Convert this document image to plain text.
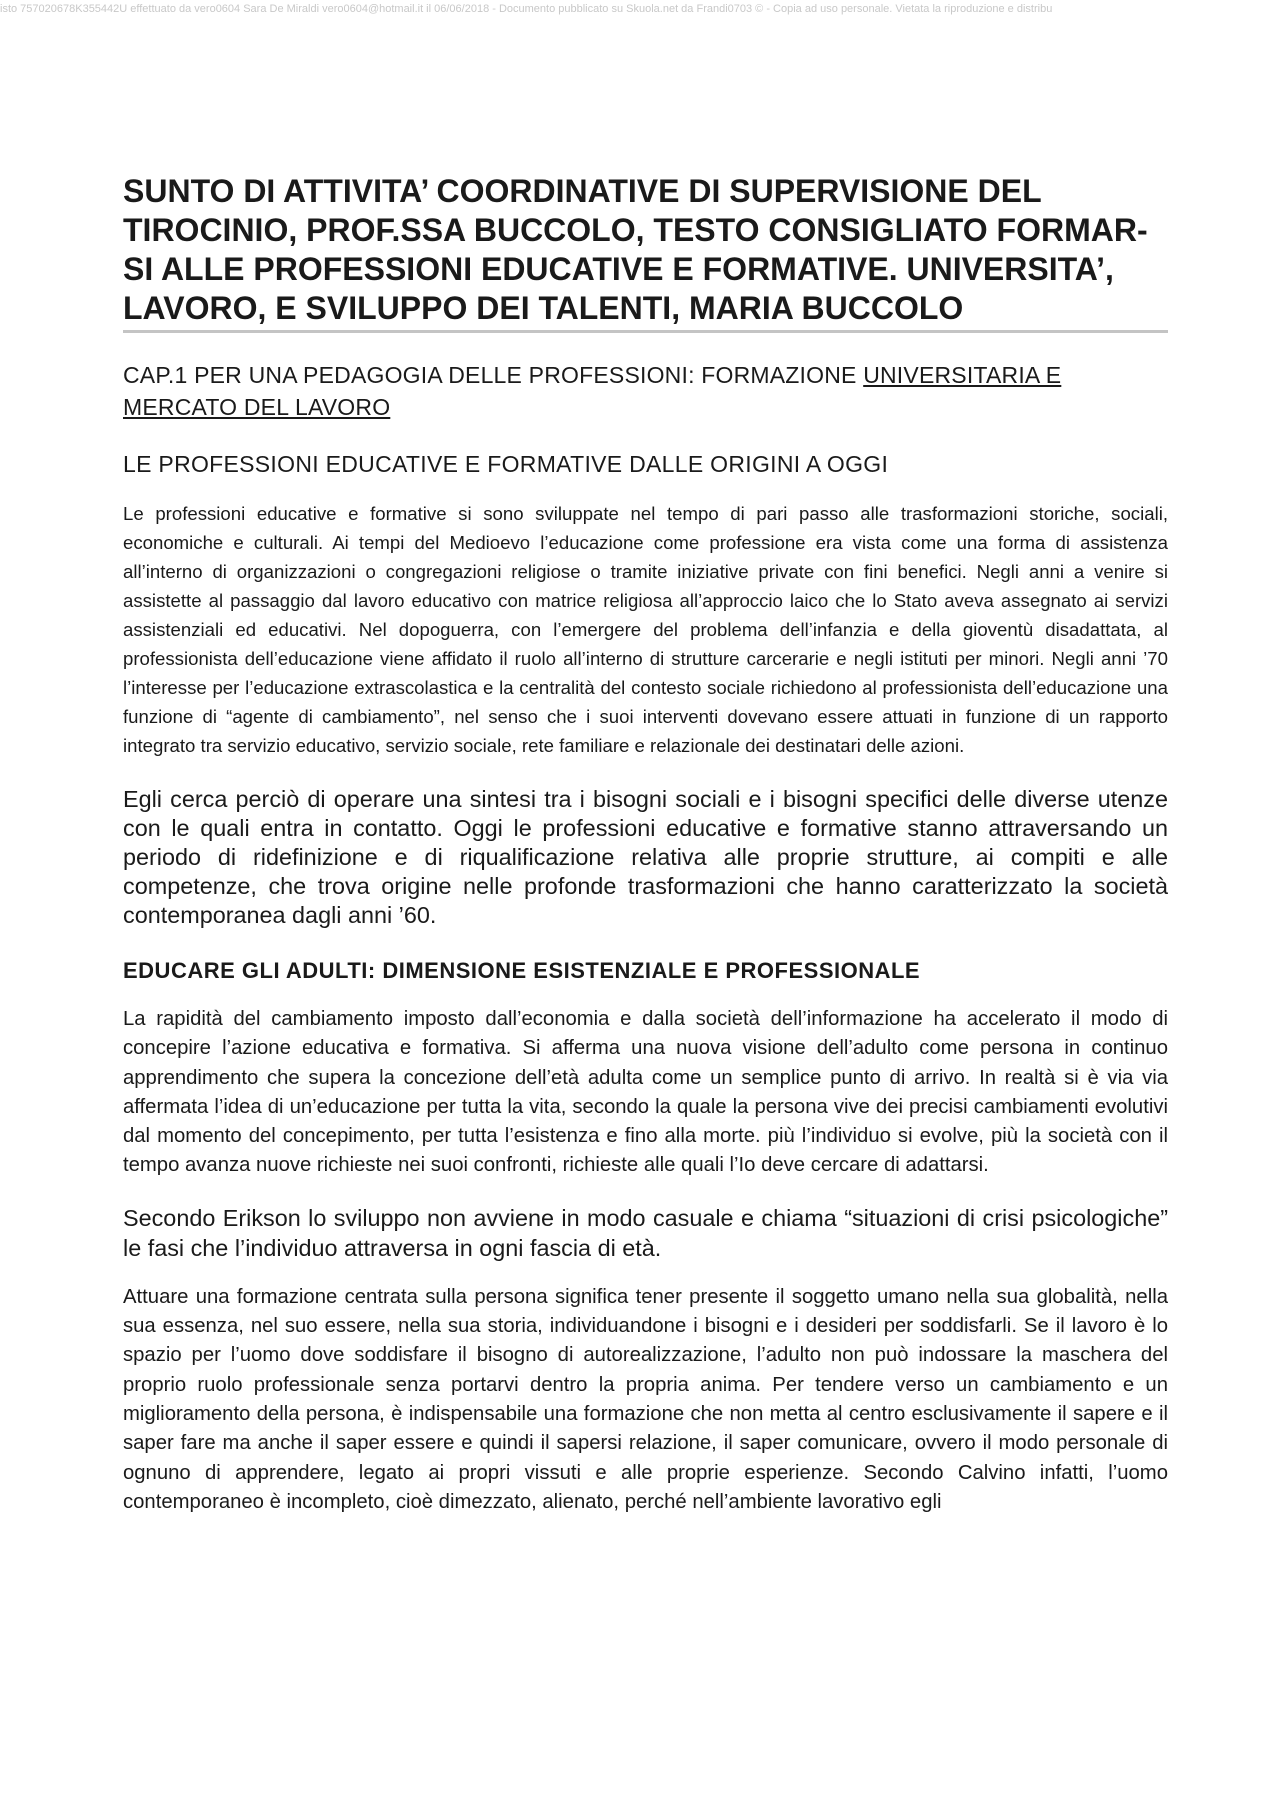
isto 757020678K355442U effettuato da vero0604 Sara De Miraldi vero0604@hotmail.it il 06/06/2018 - Documento pubblicato su Skuola.net da Frandi0703 © - Copia ad uso personale. Vietata la riproduzione e distribu
SUNTO DI ATTIVITA’ COORDINATIVE DI SUPERVISIONE DEL TIROCINIO, PROF.SSA BUCCOLO, TESTO CONSIGLIATO FORMAR-SI ALLE PROFESSIONI EDUCATIVE E FORMATIVE. UNIVERSITA’, LAVORO, E SVILUPPO DEI TALENTI, MARIA BUCCOLO
CAP.1 PER UNA PEDAGOGIA DELLE PROFESSIONI: FORMAZIONE UNIVERSITARIA E MERCATO DEL LAVORO
LE PROFESSIONI EDUCATIVE E FORMATIVE DALLE ORIGINI A OGGI

Le professioni educative e formative si sono sviluppate nel tempo di pari passo alle trasformazioni storiche, sociali, economiche e culturali. Ai tempi del Medioevo l’educazione come professione era vista come una forma di assistenza all’interno di organizzazioni o congregazioni religiose o tramite iniziative private con fini benefici. Negli anni a venire si assistette al passaggio dal lavoro educativo con matrice religiosa all’approccio laico che lo Stato aveva assegnato ai servizi assistenziali ed educativi. Nel dopoguerra, con l’emergere del problema dell’infanzia e della gioventù disadattata, al professionista dell’educazione viene affidato il ruolo all’interno di strutture carcerarie e negli istituti per minori. Negli anni ’70 l’interesse per l’educazione extrascolastica e la centralità del contesto sociale richiedono al professionista dell’educazione una funzione di “agente di cambiamento”, nel senso che i suoi interventi dovevano essere attuati in funzione di un rapporto integrato tra servizio educativo, servizio sociale, rete familiare e relazionale dei destinatari delle azioni.

Egli cerca perciò di operare una sintesi tra i bisogni sociali e i bisogni specifici delle diverse utenze con le quali entra in contatto. Oggi le professioni educative e formative stanno attraversando un periodo di ridefinizione e di riqualificazione relativa alle proprie strutture, ai compiti e alle competenze, che trova origine nelle profonde trasformazioni che hanno caratterizzato la società contemporanea dagli anni ’60.

EDUCARE GLI ADULTI: DIMENSIONE ESISTENZIALE E PROFESSIONALE

La rapidità del cambiamento imposto dall’economia e dalla società dell’informazione ha accelerato il modo di concepire l’azione educativa e formativa. Si afferma una nuova visione dell’adulto come persona in continuo apprendimento che supera la concezione dell’età adulta come un semplice punto di arrivo. In realtà si è via via affermata l’idea di un’educazione per tutta la vita, secondo la quale la persona vive dei precisi cambiamenti evolutivi dal momento del concepimento, per tutta l’esistenza e fino alla morte. più l’individuo si evolve, più la società con il tempo avanza nuove richieste nei suoi confronti, richieste alle quali l’Io deve cercare di adattarsi.

Secondo Erikson lo sviluppo non avviene in modo casuale e chiama “situazioni di crisi psicologiche” le fasi che l’individuo attraversa in ogni fascia di età.

Attuare una formazione centrata sulla persona significa tener presente il soggetto umano nella sua globalità, nella sua essenza, nel suo essere, nella sua storia, individuandone i bisogni e i desideri per soddisfarli. Se il lavoro è lo spazio per l’uomo dove soddisfare il bisogno di autorealizzazione, l’adulto non può indossare la maschera del proprio ruolo professionale senza portarvi dentro la propria anima. Per tendere verso un cambiamento e un miglioramento della persona, è indispensabile una formazione che non metta al centro esclusivamente il sapere e il saper fare ma anche il saper essere e quindi il sapersi relazione, il saper comunicare, ovvero il modo personale di ognuno di apprendere, legato ai propri vissuti e alle proprie esperienze. Secondo Calvino infatti, l’uomo contemporaneo è incompleto, cioè dimezzato, alienato, perché nell’ambiente lavorativo egli
